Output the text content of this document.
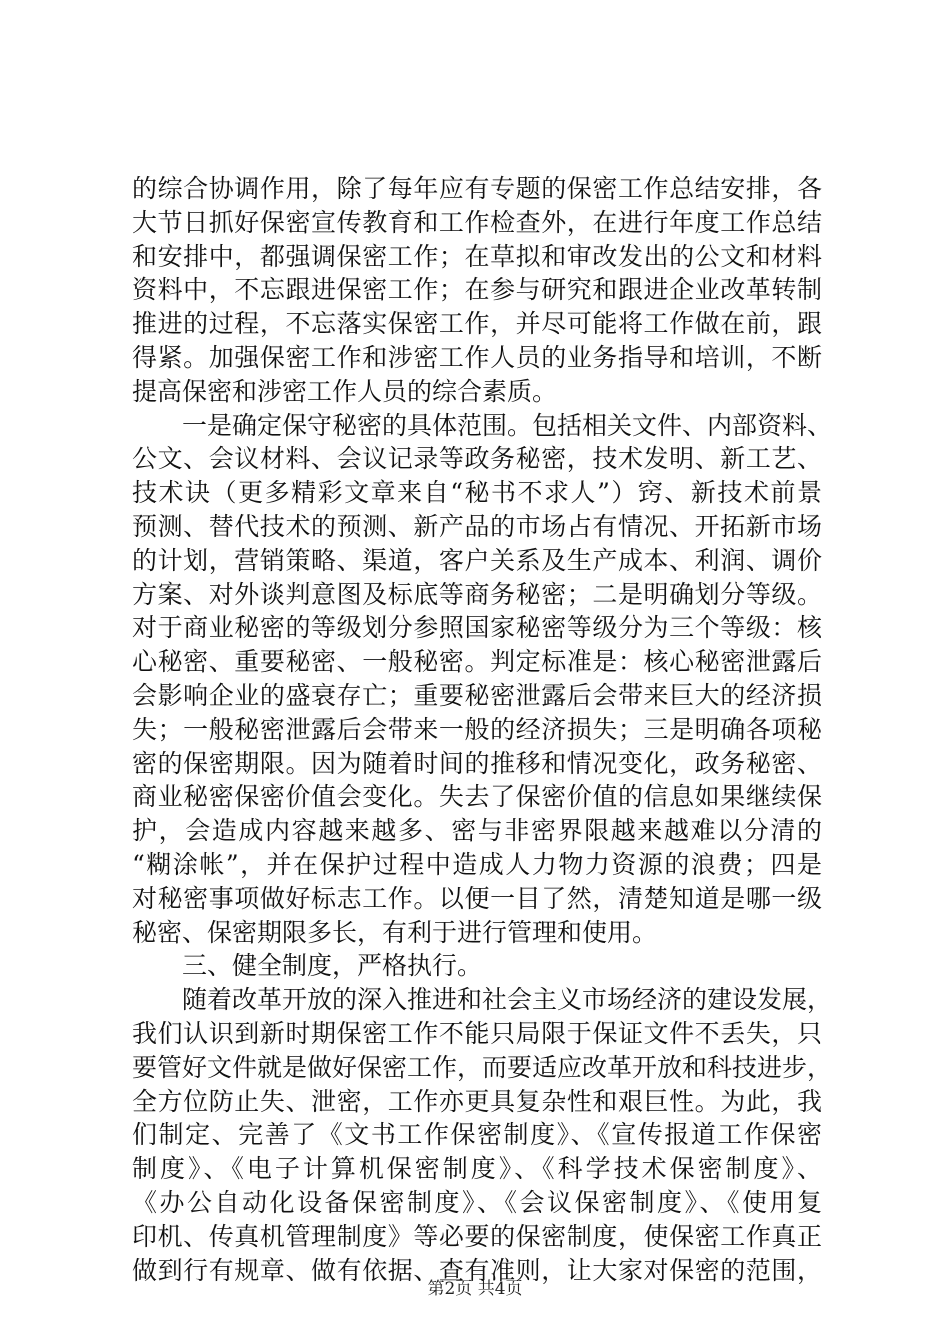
的综合协调作用，除了每年应有专题的保密工作总结安排，各
大节日抓好保密宣传教育和工作检查外，在进行年度工作总结
和安排中，都强调保密工作；在草拟和审改发出的公文和材料
资料中，不忘跟进保密工作；在参与研究和跟进企业改革转制
推进的过程，不忘落实保密工作，并尽可能将工作做在前，跟
得紧。加强保密工作和涉密工作人员的业务指导和培训，不断
提高保密和涉密工作人员的综合素质。
一是确定保守秘密的具体范围。包括相关文件、内部资料、
公文、会议材料、会议记录等政务秘密，技术发明、新工艺、
技术诀（更多精彩文章来自“秘书不求人”）窍、新技术前景
预测、替代技术的预测、新产品的市场占有情况、开拓新市场
的计划，营销策略、渠道，客户关系及生产成本、利润、调价
方案、对外谈判意图及标底等商务秘密；二是明确划分等级。
对于商业秘密的等级划分参照国家秘密等级分为三个等级：核
心秘密、重要秘密、一般秘密。判定标准是：核心秘密泄露后
会影响企业的盛衰存亡；重要秘密泄露后会带来巨大的经济损
失；一般秘密泄露后会带来一般的经济损失；三是明确各项秘
密的保密期限。因为随着时间的推移和情况变化，政务秘密、
商业秘密保密价值会变化。失去了保密价值的信息如果继续保
护，会造成内容越来越多、密与非密界限越来越难以分清的
“糊涂帐”，并在保护过程中造成人力物力资源的浪费；四是
对秘密事项做好标志工作。以便一目了然，清楚知道是哪一级
秘密、保密期限多长，有利于进行管理和使用。
三、健全制度，严格执行。
随着改革开放的深入推进和社会主义市场经济的建设发展，
我们认识到新时期保密工作不能只局限于保证文件不丢失，只
要管好文件就是做好保密工作，而要适应改革开放和科技进步，
全方位防止失、泄密，工作亦更具复杂性和艰巨性。为此，我
们制定、完善了《文书工作保密制度》、《宣传报道工作保密
制度》、《电子计算机保密制度》、《科学技术保密制度》、
《办公自动化设备保密制度》、《会议保密制度》、《使用复
印机、传真机管理制度》等必要的保密制度，使保密工作真正
做到行有规章、做有依据、查有准则，让大家对保密的范围，
第2页 共4页
